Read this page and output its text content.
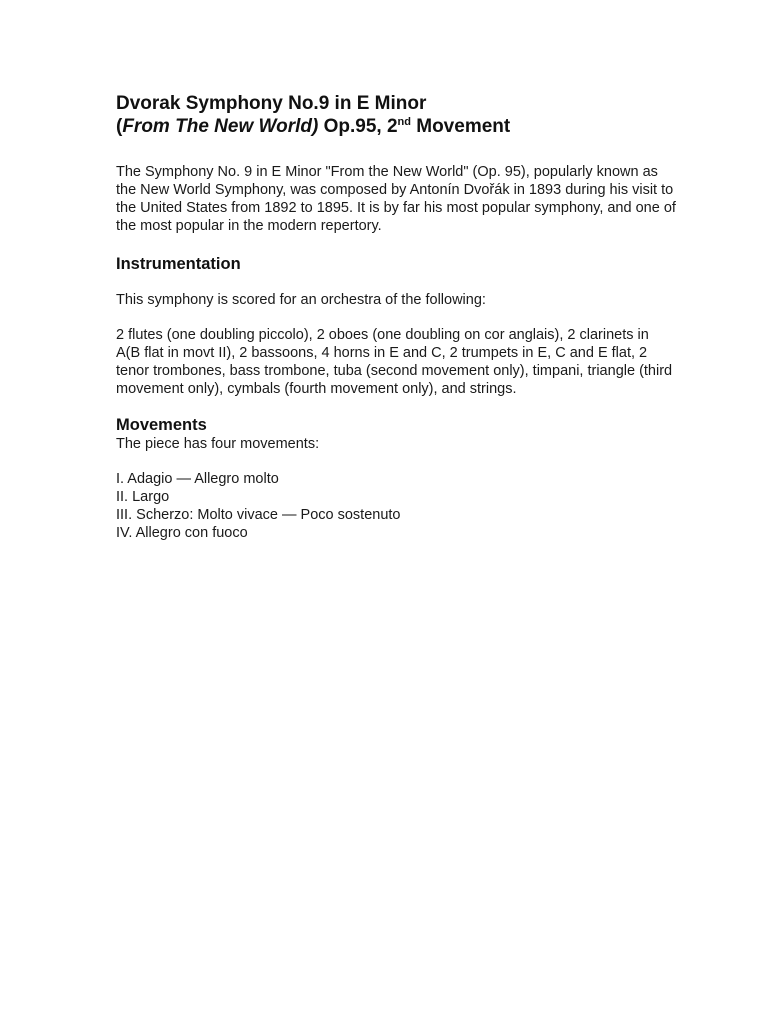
Dvorak Symphony No.9 in E Minor
(From The New World) Op.95, 2nd Movement

The Symphony No. 9 in E Minor "From the New World" (Op. 95), popularly known as the New World Symphony, was composed by Antonín Dvořák in 1893 during his visit to the United States from 1892 to 1895. It is by far his most popular symphony, and one of the most popular in the modern repertory.

Instrumentation

This symphony is scored for an orchestra of the following:

2 flutes (one doubling piccolo), 2 oboes (one doubling on cor anglais), 2 clarinets in A(B flat in movt II), 2 bassoons, 4 horns in E and C, 2 trumpets in E, C and E flat, 2 tenor trombones, bass trombone, tuba (second movement only), timpani, triangle (third movement only), cymbals (fourth movement only), and strings.

Movements

The piece has four movements:

I. Adagio — Allegro molto
II. Largo
III. Scherzo: Molto vivace — Poco sostenuto
IV. Allegro con fuoco
